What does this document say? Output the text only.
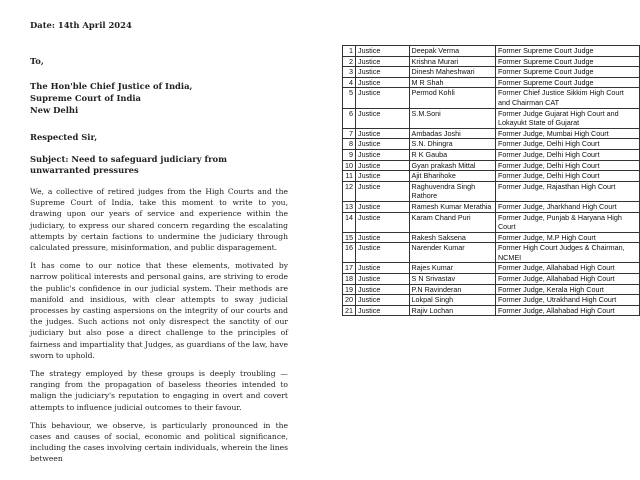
Date: 14th April 2024
To,
The Hon'ble Chief Justice of India,
Supreme Court of India
New Delhi
Respected Sir,
Subject: Need to safeguard judiciary from unwarranted pressures

We, a collective of retired judges from the High Courts and the Supreme Court of India, take this moment to write to you, drawing upon our years of service and experience within the judiciary, to express our shared concern regarding the escalating attempts by certain factions to undermine the judiciary through calculated pressure, misinformation, and public disparagement.

It has come to our notice that these elements, motivated by narrow political interests and personal gains, are striving to erode the public's confidence in our judicial system. Their methods are manifold and insidious, with clear attempts to sway judicial processes by casting aspersions on the integrity of our courts and the judges. Such actions not only disrespect the sanctity of our judiciary but also pose a direct challenge to the principles of fairness and impartiality that Judges, as guardians of the law, have sworn to uphold.

The strategy employed by these groups is deeply troubling — ranging from the propagation of baseless theories intended to malign the judiciary's reputation to engaging in overt and covert attempts to influence judicial outcomes to their favour.

This behaviour, we observe, is particularly pronounced in the cases and causes of social, economic and political significance, including the cases involving certain individuals, wherein the lines between

1	Justice	Deepak Verma	Former Supreme Court Judge
2	Justice	Krishna Murari	Former Supreme Court Judge
3	Justice	Dinesh Maheshwari	Former Supreme Court Judge
4	Justice	M R Shah	Former Supreme Court Judge
5	Justice	Permod Kohli	Former Chief Justice Sikkim High Court and Chairman CAT
6	Justice	S.M.Soni	Former Judge Gujarat High Court and Lokayukt State of Gujarat
7	Justice	Ambadas Joshi	Former Judge, Mumbai High Court
8	Justice	S.N. Dhingra	Former Judge, Delhi High Court
9	Justice	R K Gauba	Former Judge, Delhi High Court
10	Justice	Gyan prakash Mittal	Former Judge, Delhi High Court
11	Justice	Ajit Bharihoke	Former Judge, Delhi High Court
12	Justice	Raghuvendra Singh Rathore	Former Judge, Rajasthan High Court
13	Justice	Ramesh Kumar Merathia	Former Judge, Jharkhand High Court
14	Justice	Karam Chand Puri	Former Judge, Punjab & Haryana High Court
15	Justice	Rakesh Saksena	Former Judge, M.P High Court
16	Justice	Narender Kumar	Former High Court Judges & Chairman, NCMEI
17	Justice	Rajes Kumar	Former Judge, Allahabad High Court
18	Justice	S N Srivastav	Former Judge, Allahabad High Court
19	Justice	P.N Ravinderan	Former Judge, Kerala High Court
20	Justice	Lokpal Singh	Former Judge, Utrakhand High Court
21	Justice	Rajiv Lochan	Former Judge, Allahabad High Court
